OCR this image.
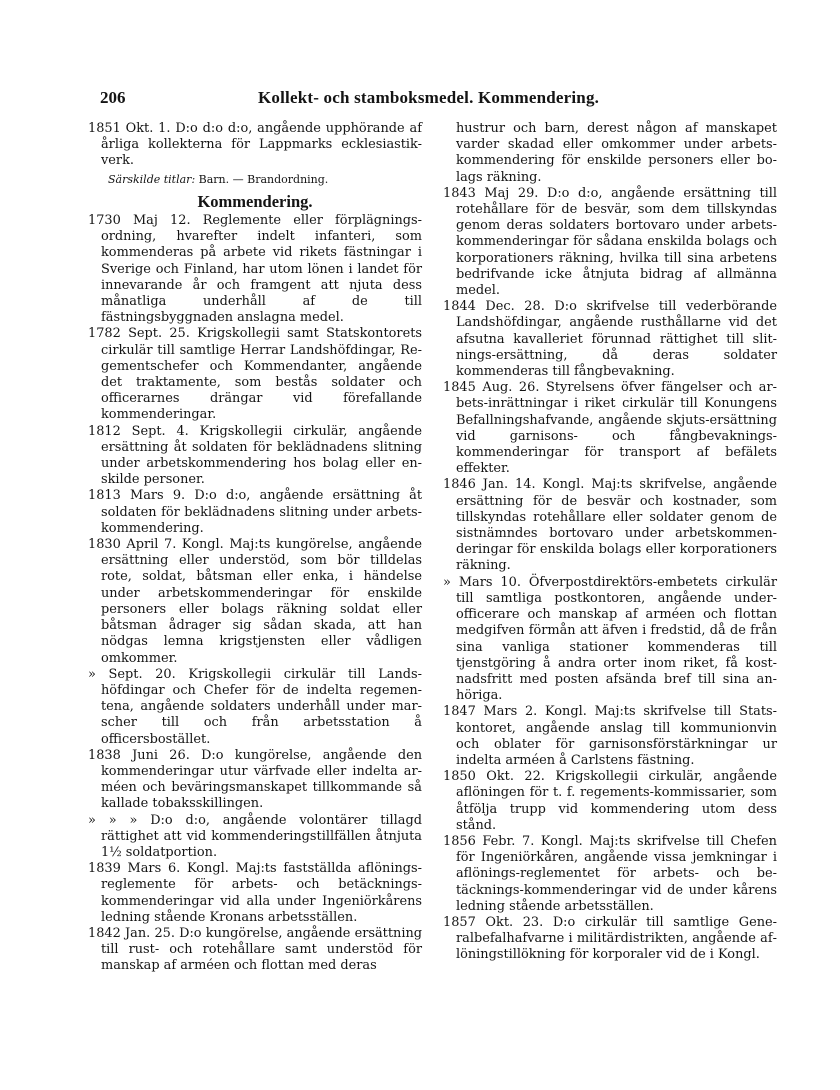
206	Kollekt- och stamboksmedel. Kommendering.

1851 Okt. 1. D:o d:o d:o, angående upphörande af årliga kollekterna för Lappmarks ecklesiastik-verk.

Särskilde titlar: Barn. — Brandordning.
Kommendering.

1730 Maj 12. Reglemente eller förplägnings-ordning, hvarefter indelt infanteri, som kommenderas på arbete vid rikets fästningar i Sverige och Finland, har utom lönen i landet för innevarande år och framgent att njuta dess månatliga underhåll af de till fästningsbyggnaden anslagna medel.

1782 Sept. 25. Krigskollegii samt Statskontorets cirkulär till samtlige Herrar Landshöfdingar, Regementschefer och Kommendanter, angående det traktamente, som bestås soldater och officerarnes drängar vid förefallande kommenderingar.

1812 Sept. 4. Krigskollegii cirkulär, angående ersättning åt soldaten för beklädnadens slitning under arbetskommendering hos bolag eller enskilde personer.

1813 Mars 9. D:o d:o, angående ersättning åt soldaten för beklädnadens slitning under arbetskommendering.

1830 April 7. Kongl. Maj:ts kungörelse, angående ersättning eller understöd, som bör tilldelas rote, soldat, båtsman eller enka, i händelse under arbetskommenderingar för enskilde personers eller bolags räkning soldat eller båtsman ådrager sig sådan skada, att han nödgas lemna krigstjensten eller vådligen omkommer.

» Sept. 20. Krigskollegii cirkulär till Landshöfdingar och Chefer för de indelta regementena, angående soldaters underhåll under marscher till och från arbetsstation å officersbostället.

1838 Juni 26. D:o kungörelse, angående den kommenderingar utur värfvade eller indelta arméen och beväringsmanskapet tillkommande så kallade tobaksskillingen.

» » » D:o d:o, angående volontärer tillagd rättighet att vid kommenderingstillfällen åtnjuta 1½ soldatportion.

1839 Mars 6. Kongl. Maj:ts fastställda aflöningsreglemente för arbets- och betäcknings-kommenderingar vid alla under Ingeniörkårens ledning stående Kronans arbetsställen.

1842 Jan. 25. D:o kungörelse, angående ersättning till rust- och rotehållare samt understöd för manskap af arméen och flottan med deras

hustrur och barn, derest någon af manskapet varder skadad eller omkommer under arbetskommendering för enskilde personers eller bolags räkning.

1843 Maj 29. D:o d:o, angående ersättning till rotehållare för de besvär, som dem tillskyndas genom deras soldaters bortovaro under arbetskommenderingar för sådana enskilda bolags och korporationers räkning, hvilka till sina arbetens bedrifvande icke åtnjuta bidrag af allmänna medel.

1844 Dec. 28. D:o skrifvelse till vederbörande Landshöfdingar, angående rusthållarne vid det afsutna kavalleriet förunnad rättighet till slitnings-ersättning, då deras soldater kommenderas till fångbevakning.

1845 Aug. 26. Styrelsens öfver fängelser och arbets-inrättningar i riket cirkulär till Konungens Befallningshafvande, angående skjuts-ersättning vid garnisons- och fångbevaknings-kommenderingar för transport af befälets effekter.

1846 Jan. 14. Kongl. Maj:ts skrifvelse, angående ersättning för de besvär och kostnader, som tillskyndas rotehållare eller soldater genom de sistnämndes bortovaro under arbetskommenderingar för enskilda bolags eller korporationers räkning.

» Mars 10. Öfverpostdirektörs-embetets cirkulär till samtliga postkontoren, angående underofficerare och manskap af arméen och flottan medgifven förmån att äfven i fredstid, då de från sina vanliga stationer kommenderas till tjenstgöring å andra orter inom riket, få kostnadsfritt med posten afsända bref till sina anhöriga.

1847 Mars 2. Kongl. Maj:ts skrifvelse till Statskontoret, angående anslag till kommunionvin och oblater för garnisonsförstärkningar ur indelta arméen å Carlstens fästning.

1850 Okt. 22. Krigskollegii cirkulär, angående aflöningen för t. f. regements-kommissarier, som åtfölja trupp vid kommendering utom dess stånd.

1856 Febr. 7. Kongl. Maj:ts skrifvelse till Chefen för Ingeniörkåren, angående vissa jemkningar i aflönings-reglementet för arbets- och betäcknings-kommenderingar vid de under kårens ledning stående arbetsställen.

1857 Okt. 23. D:o cirkulär till samtlige Generalbefalhafvarne i militärdistrikten, angående aflöningstillökning för korporaler vid de i Kongl.
